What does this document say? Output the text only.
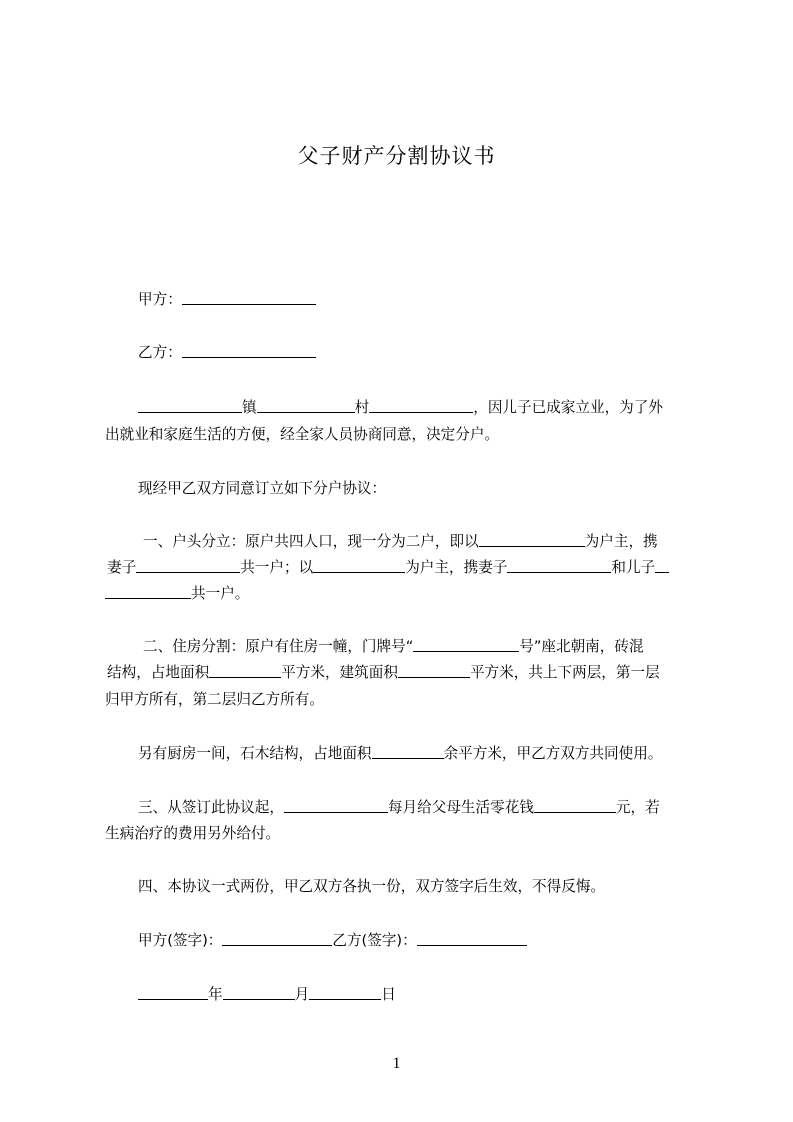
父子财产分割协议书
甲方：
乙方：
镇	村	，因儿子已成家立业，为了外
出就业和家庭生活的方便，经全家人员协商同意，决定分户。
现经甲乙双方同意订立如下分户协议：
一、户头分立：原户共四人口，现一分为二户，即以	为户主，携
妻子	共一户；以	为户主，携妻子	和儿子
共一户。
二、住房分割：原户有住房一幢，门牌号“	号”座北朝南，砖混
结构，占地面积	平方米，建筑面积	平方米，共上下两层，第一层
归甲方所有，第二层归乙方所有。
另有厨房一间，石木结构，占地面积	余平方米，甲乙方双方共同使用。
三、从签订此协议起，	每月给父母生活零花钱	元，若
生病治疗的费用另外给付。
四、本协议一式两份，甲乙双方各执一份，双方签字后生效，不得反悔。
甲方(签字)：	乙方(签字)：
年	月	日
1
